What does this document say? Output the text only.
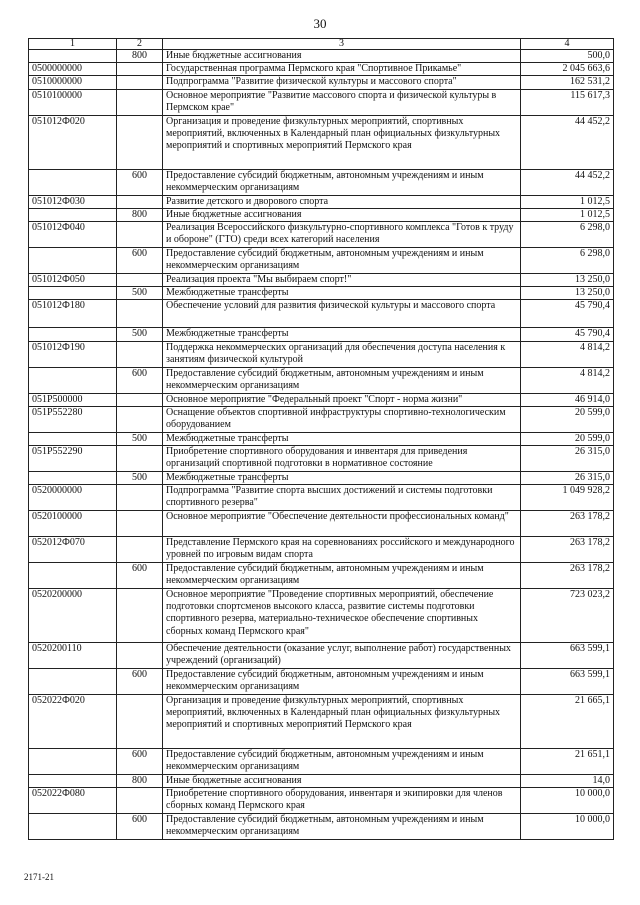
30
1	2	3	4
	800	Иные бюджетные ассигнования	500,0
0500000000		Государственная программа Пермского края "Спортивное Прикамье"	2 045 663,6
0510000000		Подпрограмма "Развитие физической культуры и массового спорта"	162 531,2
0510100000		Основное мероприятие "Развитие массового спорта и физической культуры в Пермском крае"	115 617,3
051012Ф020		Организация и проведение физкультурных мероприятий, спортивных мероприятий, включенных в Календарный план официальных физкультурных мероприятий и спортивных мероприятий Пермского края	44 452,2
	600	Предоставление субсидий бюджетным, автономным учреждениям и иным некоммерческим организациям	44 452,2
051012Ф030		Развитие детского и дворового спорта	1 012,5
	800	Иные бюджетные ассигнования	1 012,5
051012Ф040		Реализация Всероссийского физкультурно-спортивного комплекса "Готов к труду и обороне" (ГТО) среди всех категорий населения	6 298,0
	600	Предоставление субсидий бюджетным, автономным учреждениям и иным некоммерческим организациям	6 298,0
051012Ф050		Реализация проекта "Мы выбираем спорт!"	13 250,0
	500	Межбюджетные трансферты	13 250,0
051012Ф180		Обеспечение условий для развития физической культуры и массового спорта	45 790,4
	500	Межбюджетные трансферты	45 790,4
051012Ф190		Поддержка некоммерческих организаций для обеспечения доступа населения к занятиям физической культурой	4 814,2
	600	Предоставление субсидий бюджетным, автономным учреждениям и иным некоммерческим организациям	4 814,2
051P500000		Основное мероприятие "Федеральный проект "Спорт - норма жизни"	46 914,0
051P552280		Оснащение объектов спортивной инфраструктуры спортивно-технологическим оборудованием	20 599,0
	500	Межбюджетные трансферты	20 599,0
051P552290		Приобретение спортивного оборудования и инвентаря для приведения организаций спортивной подготовки в нормативное состояние	26 315,0
	500	Межбюджетные трансферты	26 315,0
0520000000		Подпрограмма "Развитие спорта высших достижений и системы подготовки спортивного резерва"	1 049 928,2
0520100000		Основное мероприятие "Обеспечение деятельности профессиональных команд"	263 178,2
052012Ф070		Представление Пермского края на соревнованиях российского и международного уровней по игровым видам спорта	263 178,2
	600	Предоставление субсидий бюджетным, автономным учреждениям и иным некоммерческим организациям	263 178,2
0520200000		Основное мероприятие "Проведение спортивных мероприятий, обеспечение подготовки спортсменов высокого класса, развитие системы подготовки спортивного резерва, материально-техническое обеспечение спортивных сборных команд Пермского края"	723 023,2
0520200110		Обеспечение деятельности (оказание услуг, выполнение работ) государственных учреждений (организаций)	663 599,1
	600	Предоставление субсидий бюджетным, автономным учреждениям и иным некоммерческим организациям	663 599,1
052022Ф020		Организация и проведение физкультурных мероприятий, спортивных мероприятий, включенных в Календарный план официальных физкультурных мероприятий и спортивных мероприятий Пермского края	21 665,1
	600	Предоставление субсидий бюджетным, автономным учреждениям и иным некоммерческим организациям	21 651,1
	800	Иные бюджетные ассигнования	14,0
052022Ф080		Приобретение спортивного оборудования, инвентаря и экипировки для членов сборных команд Пермского края	10 000,0
	600	Предоставление субсидий бюджетным, автономным учреждениям и иным некоммерческим организациям	10 000,0
2171-21
